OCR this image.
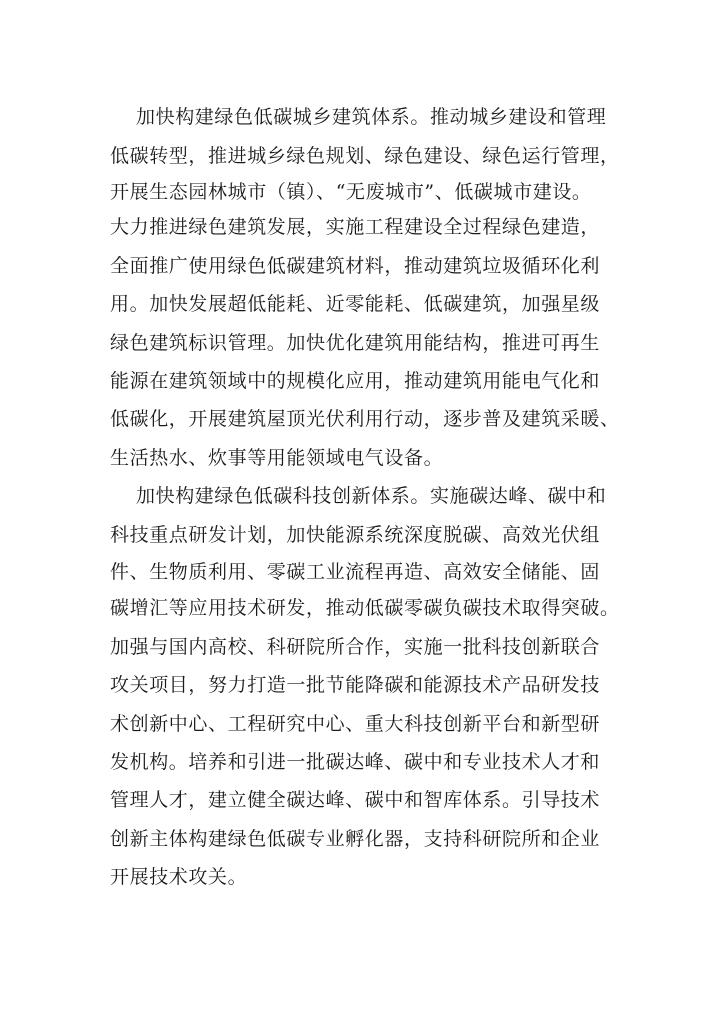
加快构建绿色低碳城乡建筑体系。推动城乡建设和管理
低碳转型，推进城乡绿色规划、绿色建设、绿色运行管理，
开展生态园林城市（镇）、“无废城市”、低碳城市建设。
大力推进绿色建筑发展，实施工程建设全过程绿色建造，
全面推广使用绿色低碳建筑材料，推动建筑垃圾循环化利
用。加快发展超低能耗、近零能耗、低碳建筑，加强星级
绿色建筑标识管理。加快优化建筑用能结构，推进可再生
能源在建筑领域中的规模化应用，推动建筑用能电气化和
低碳化，开展建筑屋顶光伏利用行动，逐步普及建筑采暖、
生活热水、炊事等用能领域电气设备。
加快构建绿色低碳科技创新体系。实施碳达峰、碳中和
科技重点研发计划，加快能源系统深度脱碳、高效光伏组
件、生物质利用、零碳工业流程再造、高效安全储能、固
碳增汇等应用技术研发，推动低碳零碳负碳技术取得突破。
加强与国内高校、科研院所合作，实施一批科技创新联合
攻关项目，努力打造一批节能降碳和能源技术产品研发技
术创新中心、工程研究中心、重大科技创新平台和新型研
发机构。培养和引进一批碳达峰、碳中和专业技术人才和
管理人才，建立健全碳达峰、碳中和智库体系。引导技术
创新主体构建绿色低碳专业孵化器，支持科研院所和企业
开展技术攻关。
